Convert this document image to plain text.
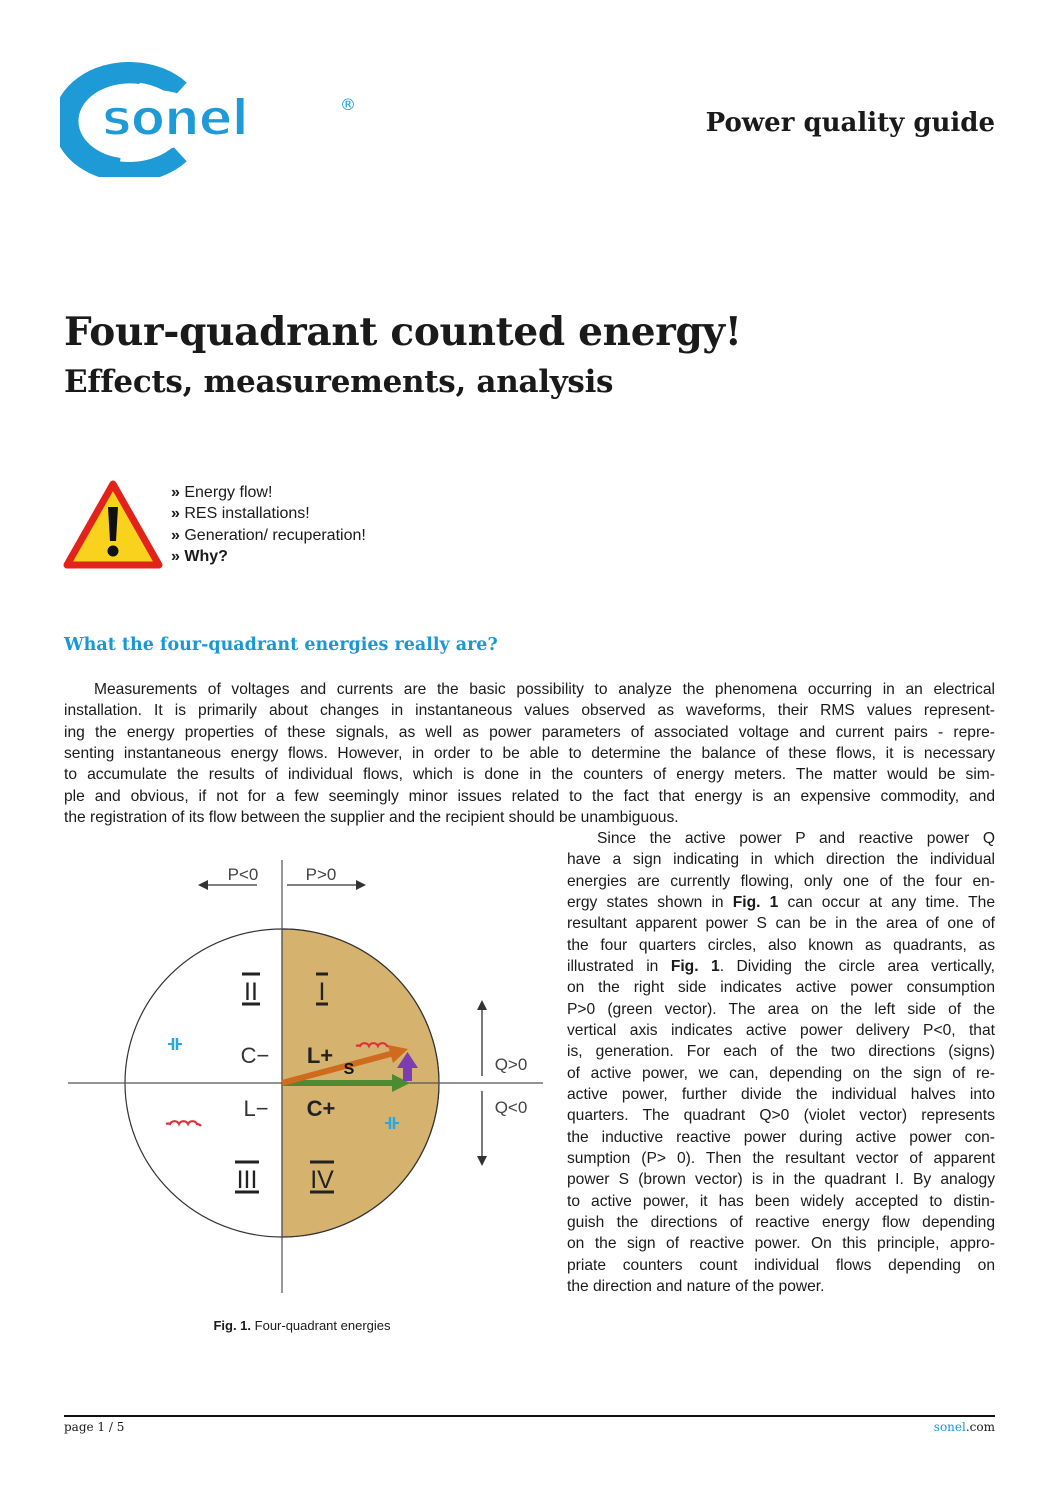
sonel	®
Power quality guide
Four-quadrant counted energy!
Effects, measurements, analysis
» Energy flow!
» RES installations!
» Generation/ recuperation!
» Why?
What the four-quadrant energies really are?
Measurements of voltages and currents are the basic possibility to analyze the phenomena occurring in an electrical
installation. It is primarily about changes in instantaneous values observed as waveforms, their RMS values represent-
ing the energy properties of these signals, as well as power parameters of associated voltage and current pairs - repre-
senting instantaneous energy flows. However, in order to be able to determine the balance of these flows, it is necessary
to accumulate the results of individual flows, which is done in the counters of energy meters. The matter would be sim-
ple and obvious, if not for a few seemingly minor issues related to the fact that energy is an expensive commodity, and
the registration of its flow between the supplier and the recipient should be unambiguous.
Since the active power P and reactive power Q
have a sign indicating in which direction the individual
energies are currently flowing, only one of the four en-
ergy states shown in Fig. 1 can occur at any time. The
resultant apparent power S can be in the area of one of
the four quarters circles, also known as quadrants, as
illustrated in Fig. 1. Dividing the circle area vertically,
on the right side indicates active power consumption
P>0 (green vector). The area on the left side of the
vertical axis indicates active power delivery P<0, that
is, generation. For each of the two directions (signs)
of active power, we can, depending on the sign of re-
active power, further divide the individual halves into
quarters. The quadrant Q>0 (violet vector) represents
the inductive reactive power during active power con-
sumption (P> 0). Then the resultant vector of apparent
power S (brown vector) is in the quadrant I. By analogy
to active power, it has been widely accepted to distin-
guish the directions of reactive energy flow depending
on the sign of reactive power. On this principle, appro-
priate counters count individual flows depending on
the direction and nature of the power.
P<0	P>0
Q>0
Q<0
II I
III IV
C− L+
L− C+
S
Fig. 1. Four-quadrant energies
page 1 / 5	sonel.com
